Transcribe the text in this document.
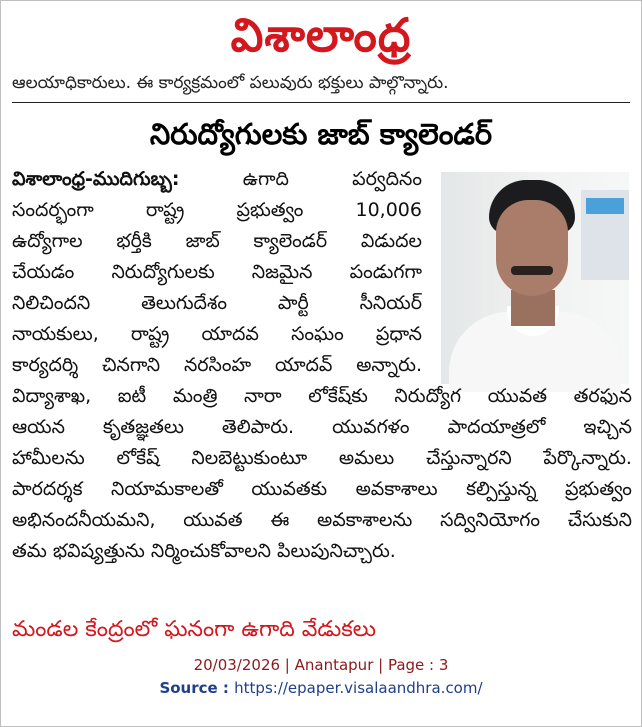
విశాలాంధ్ర
ఆలయాధికారులు. ఈ కార్యక్రమంలో పలువురు భక్తులు పాల్గొన్నారు.
నిరుద్యోగులకు జాబ్ క్యాలెండర్
విశాలాంధ్ర-ముదిగుబ్బ:	ఉగాది	పర్వదినం
సందర్భంగా	రాష్ట్ర	ప్రభుత్వం	10,006
ఉద్యోగాల భర్తీకి జాబ్ క్యాలెండర్ విడుదల
చేయడం నిరుద్యోగులకు నిజమైన పండుగగా
నిలిచిందని	తెలుగుదేశం	పార్టీ	సీనియర్
నాయకులు, రాష్ట్ర యాదవ సంఘం ప్రధాన
కార్యదర్శి చినగాని నరసింహ యాదవ్ అన్నారు.
విద్యాశాఖ, ఐటీ మంత్రి నారా లోకేష్‌కు నిరుద్యోగ యువత తరఫున
ఆయన కృతజ్ఞతలు తెలిపారు. యువగళం పాదయాత్రలో ఇచ్చిన
హామీలను లోకేష్ నిలబెట్టుకుంటూ అమలు చేస్తున్నారని పేర్కొన్నారు.
పారదర్శక నియామకాలతో యువతకు అవకాశాలు కల్పిస్తున్న ప్రభుత్వం
అభినందనీయమని, యువత ఈ అవకాశాలను సద్వినియోగం చేసుకుని
తమ భవిష్యత్తును నిర్మించుకోవాలని పిలుపునిచ్చారు.
మండల కేంద్రంలో ఘనంగా ఉగాది వేడుకలు
20/03/2026 | Anantapur | Page : 3
Source : https://epaper.visalaandhra.com/
